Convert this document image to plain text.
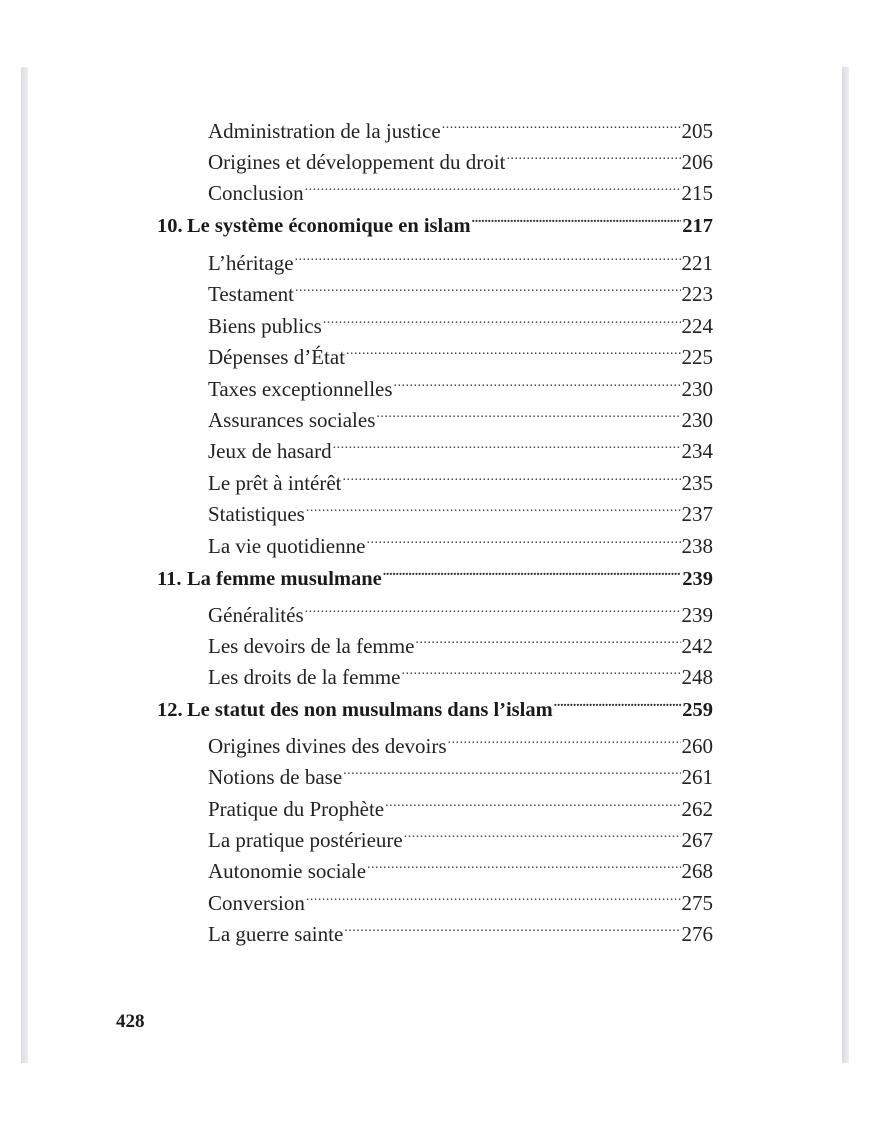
Administration de la justice .....	205
Origines et développement du droit .....	206
Conclusion .....	215
10. Le système économique en islam .....	217
L’héritage .....	221
Testament .....	223
Biens publics .....	224
Dépenses d’État .....	225
Taxes exceptionnelles .....	230
Assurances sociales .....	230
Jeux de hasard .....	234
Le prêt à intérêt .....	235
Statistiques .....	237
La vie quotidienne .....	238
11. La femme musulmane .....	239
Généralités .....	239
Les devoirs de la femme .....	242
Les droits de la femme .....	248
12. Le statut des non musulmans dans l’islam .....	259
Origines divines des devoirs .....	260
Notions de base .....	261
Pratique du Prophète .....	262
La pratique postérieure .....	267
Autonomie sociale .....	268
Conversion .....	275
La guerre sainte .....	276
428
